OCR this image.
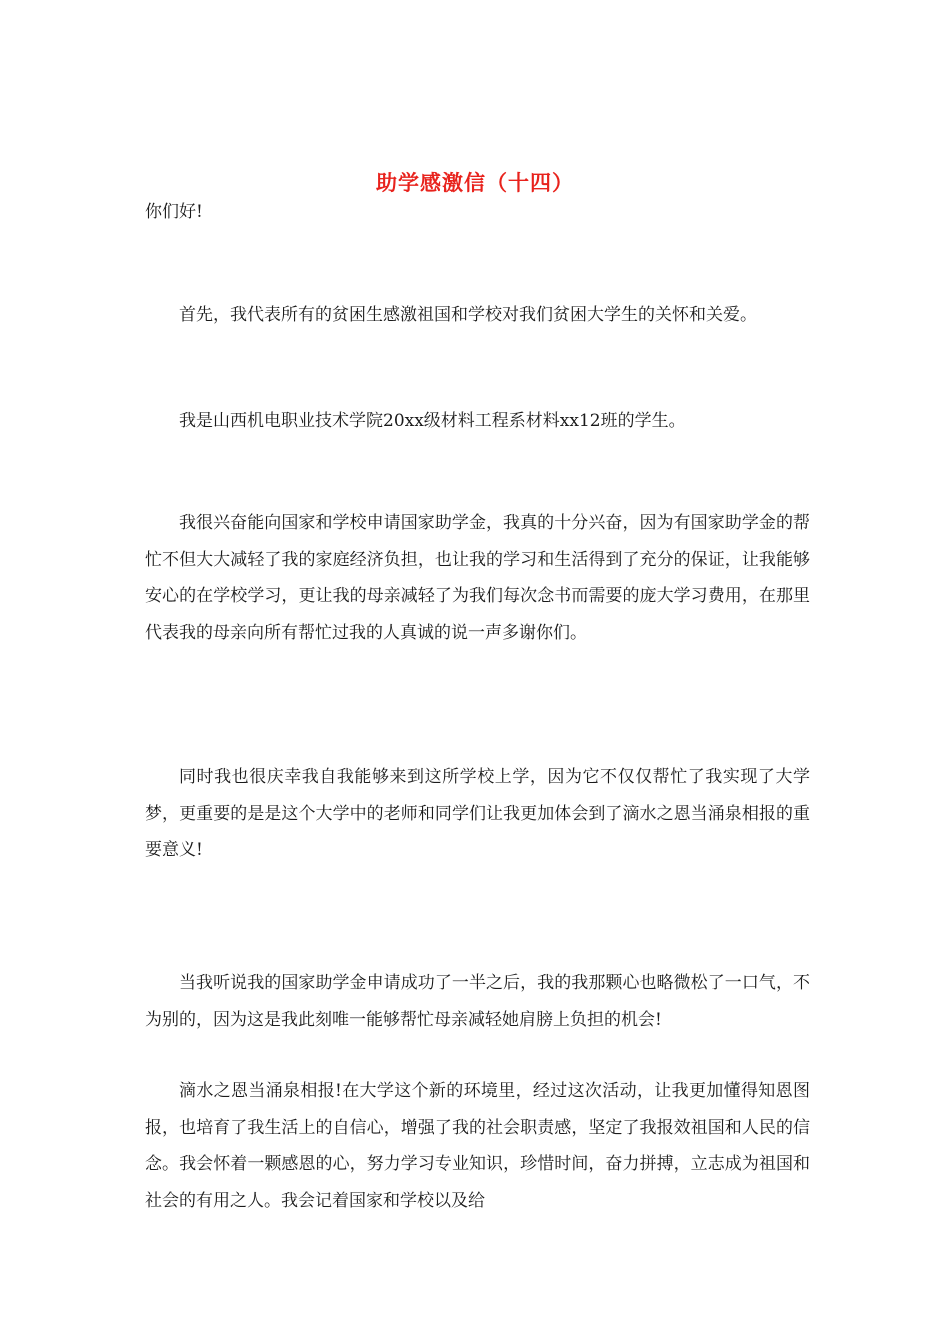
助学感激信（十四）

你们好!

首先，我代表所有的贫困生感激祖国和学校对我们贫困大学生的关怀和关爱。

我是山西机电职业技术学院20xx级材料工程系材料xx12班的学生。

我很兴奋能向国家和学校申请国家助学金，我真的十分兴奋，因为有国家助学金的帮忙不但大大减轻了我的家庭经济负担，也让我的学习和生活得到了充分的保证，让我能够安心的在学校学习，更让我的母亲减轻了为我们每次念书而需要的庞大学习费用，在那里代表我的母亲向所有帮忙过我的人真诚的说一声多谢你们。

同时我也很庆幸我自我能够来到这所学校上学，因为它不仅仅帮忙了我实现了大学梦，更重要的是是这个大学中的老师和同学们让我更加体会到了滴水之恩当涌泉相报的重要意义!

当我听说我的国家助学金申请成功了一半之后，我的我那颗心也略微松了一口气，不为别的，因为这是我此刻唯一能够帮忙母亲减轻她肩膀上负担的机会!

滴水之恩当涌泉相报!在大学这个新的环境里，经过这次活动，让我更加懂得知恩图报，也培育了我生活上的自信心，增强了我的社会职责感，坚定了我报效祖国和人民的信念。我会怀着一颗感恩的心，努力学习专业知识，珍惜时间，奋力拼搏，立志成为祖国和社会的有用之人。我会记着国家和学校以及给
